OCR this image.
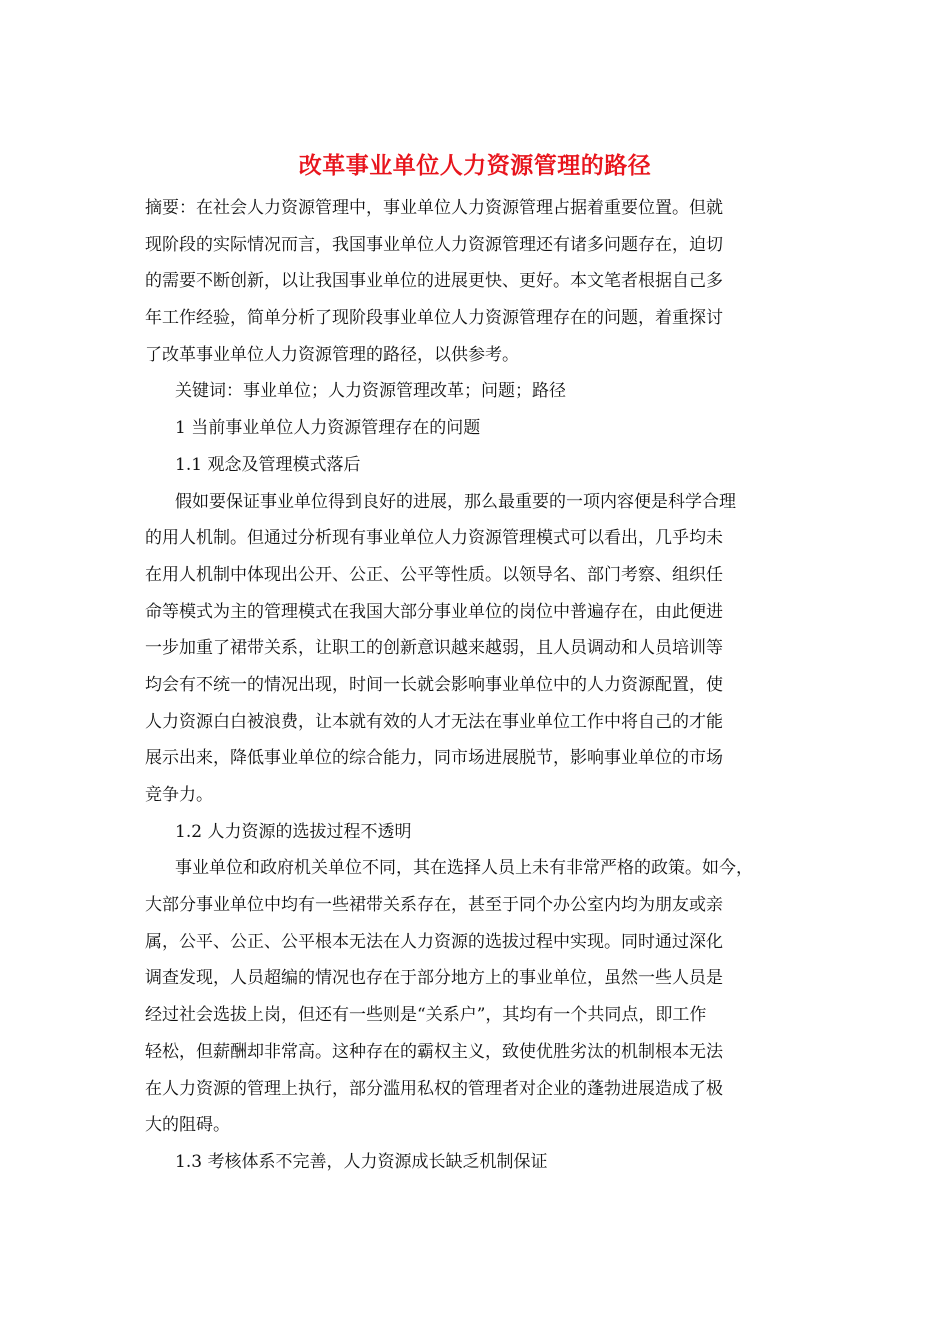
改革事业单位人力资源管理的路径
摘要：在社会人力资源管理中，事业单位人力资源管理占据着重要位置。但就
现阶段的实际情况而言，我国事业单位人力资源管理还有诸多问题存在，迫切
的需要不断创新，以让我国事业单位的进展更快、更好。本文笔者根据自己多
年工作经验，简单分析了现阶段事业单位人力资源管理存在的问题，着重探讨
了改革事业单位人力资源管理的路径，以供参考。
关键词：事业单位；人力资源管理改革；问题；路径
1 当前事业单位人力资源管理存在的问题
1.1 观念及管理模式落后
假如要保证事业单位得到良好的进展，那么最重要的一项内容便是科学合理
的用人机制。但通过分析现有事业单位人力资源管理模式可以看出，几乎均未
在用人机制中体现出公开、公正、公平等性质。以领导名、部门考察、组织任
命等模式为主的管理模式在我国大部分事业单位的岗位中普遍存在，由此便进
一步加重了裙带关系，让职工的创新意识越来越弱，且人员调动和人员培训等
均会有不统一的情况出现，时间一长就会影响事业单位中的人力资源配置，使
人力资源白白被浪费，让本就有效的人才无法在事业单位工作中将自己的才能
展示出来，降低事业单位的综合能力，同市场进展脱节，影响事业单位的市场
竞争力。
1.2 人力资源的选拔过程不透明
事业单位和政府机关单位不同，其在选择人员上未有非常严格的政策。如今，
大部分事业单位中均有一些裙带关系存在，甚至于同个办公室内均为朋友或亲
属，公平、公正、公平根本无法在人力资源的选拔过程中实现。同时通过深化
调查发现，人员超编的情况也存在于部分地方上的事业单位，虽然一些人员是
经过社会选拔上岗，但还有一些则是“关系户”，其均有一个共同点，即工作
轻松，但薪酬却非常高。这种存在的霸权主义，致使优胜劣汰的机制根本无法
在人力资源的管理上执行，部分滥用私权的管理者对企业的蓬勃进展造成了极
大的阻碍。
1.3 考核体系不完善，人力资源成长缺乏机制保证
